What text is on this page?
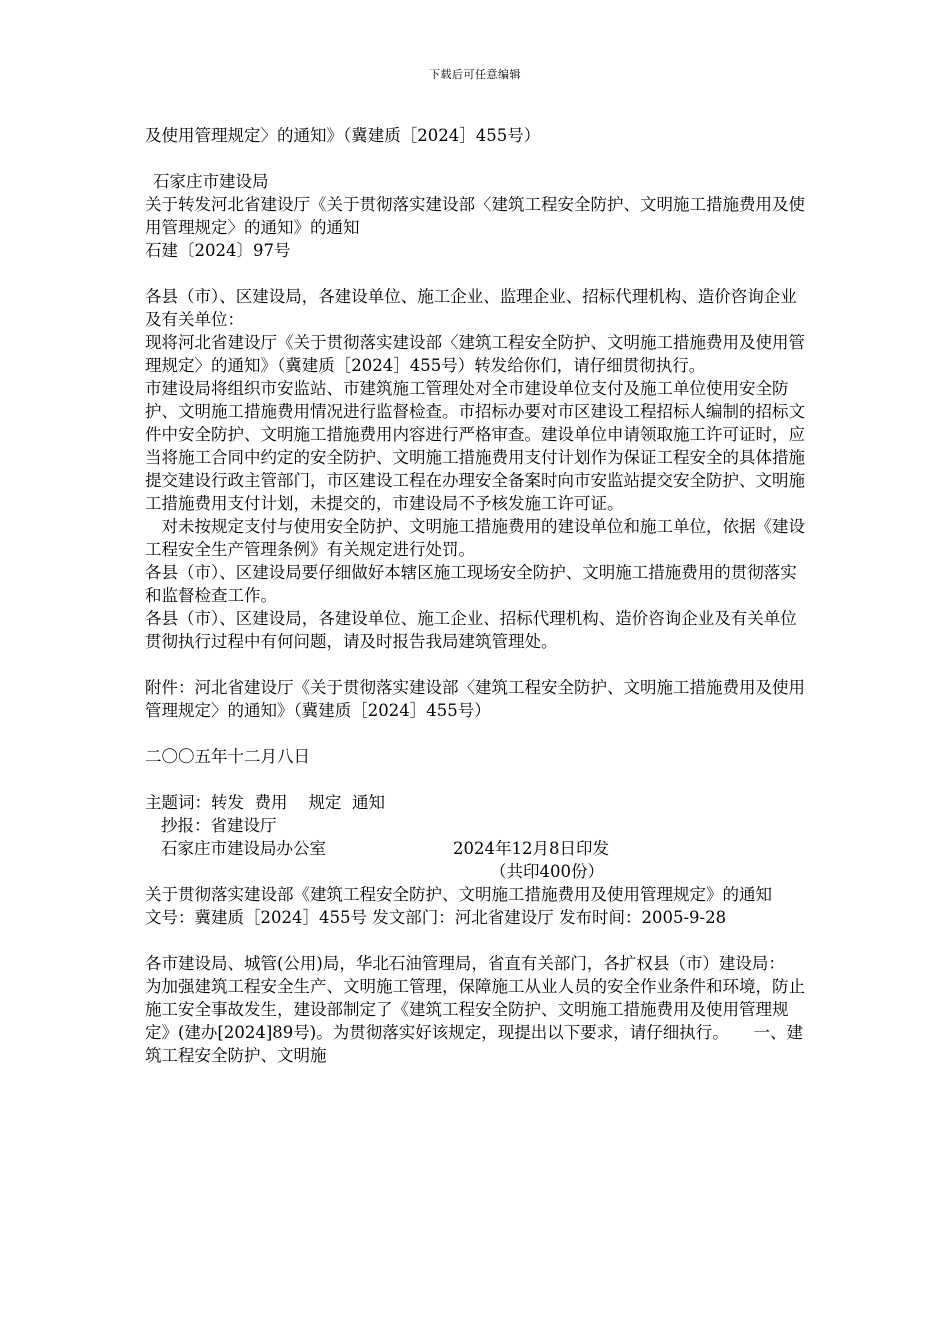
下载后可任意编辑

及使用管理规定〉的通知》（冀建质［2024］455号）

石家庄市建设局

关于转发河北省建设厅《关于贯彻落实建设部〈建筑工程安全防护、文明施工措施费用及使用管理规定〉的通知》的通知

石建〔2024〕97号

各县（市）、区建设局，各建设单位、施工企业、监理企业、招标代理机构、造价咨询企业及有关单位：

现将河北省建设厅《关于贯彻落实建设部〈建筑工程安全防护、文明施工措施费用及使用管理规定〉的通知》（冀建质［2024］455号）转发给你们，请仔细贯彻执行。

市建设局将组织市安监站、市建筑施工管理处对全市建设单位支付及施工单位使用安全防护、文明施工措施费用情况进行监督检查。市招标办要对市区建设工程招标人编制的招标文件中安全防护、文明施工措施费用内容进行严格审查。建设单位申请领取施工许可证时，应当将施工合同中约定的安全防护、文明施工措施费用支付计划作为保证工程安全的具体措施提交建设行政主管部门，市区建设工程在办理安全备案时向市安监站提交安全防护、文明施工措施费用支付计划，未提交的，市建设局不予核发施工许可证。

　对未按规定支付与使用安全防护、文明施工措施费用的建设单位和施工单位，依据《建设工程安全生产管理条例》有关规定进行处罚。

各县（市）、区建设局要仔细做好本辖区施工现场安全防护、文明施工措施费用的贯彻落实和监督检查工作。

各县（市）、区建设局，各建设单位、施工企业、招标代理机构、造价咨询企业及有关单位贯彻执行过程中有何问题，请及时报告我局建筑管理处。

附件：河北省建设厅《关于贯彻落实建设部〈建筑工程安全防护、文明施工措施费用及使用管理规定〉的通知》（冀建质［2024］455号）

二〇〇五年十二月八日

主题词：转发  费用    规定  通知

抄报：省建设厅

石家庄市建设局办公室	2024年12月8日印发

（共印400份）

关于贯彻落实建设部《建筑工程安全防护、文明施工措施费用及使用管理规定》的通知

文号：冀建质［2024］455号 发文部门：河北省建设厅 发布时间：2005-9-28

各市建设局、城管(公用)局，华北石油管理局，省直有关部门，各扩权县（市）建设局：　　为加强建筑工程安全生产、文明施工管理，保障施工从业人员的安全作业条件和环境，防止施工安全事故发生，建设部制定了《建筑工程安全防护、文明施工措施费用及使用管理规定》(建办[2024]89号)。为贯彻落实好该规定，现提出以下要求，请仔细执行。　　一、建筑工程安全防护、文明施
